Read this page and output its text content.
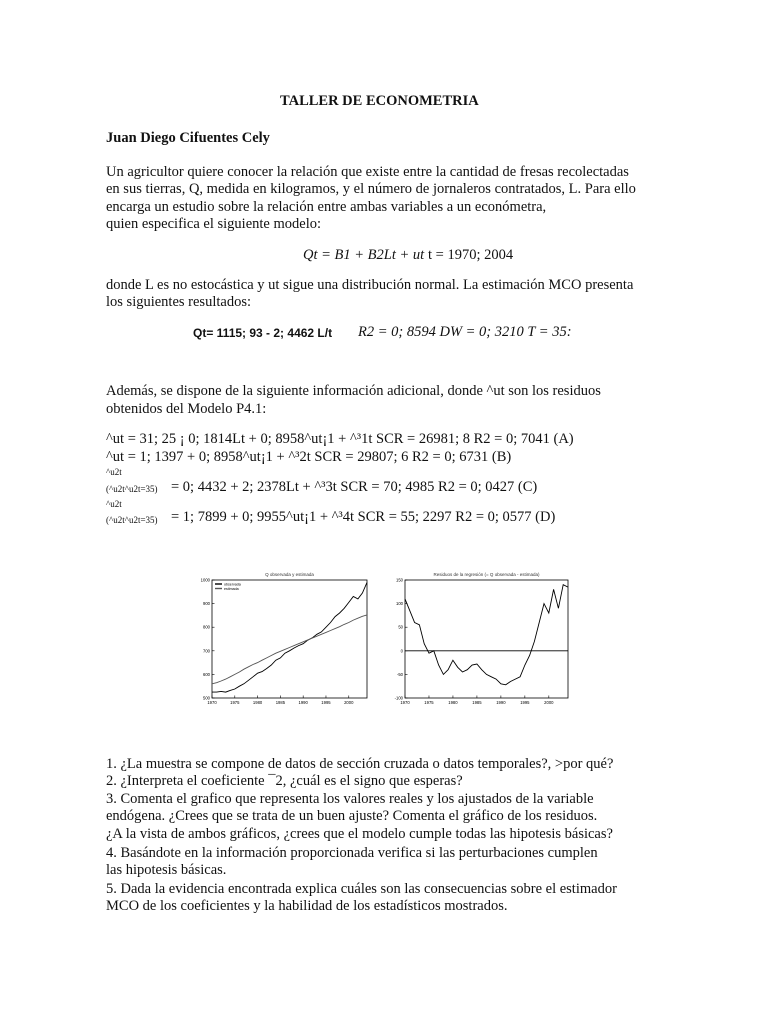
TALLER DE ECONOMETRIA
Juan Diego Cifuentes Cely
Un agricultor quiere conocer la relación que existe entre la cantidad de fresas recolectadas
en sus tierras, Q, medida en kilogramos, y el número de jornaleros contratados, L. Para ello
encarga un estudio sobre la relación entre ambas variables a un económetra,
quien especifica el siguiente modelo:
Qt = B1 + B2Lt + ut t = 1970; 2004
donde L es no estocástica y ut sigue una distribución normal. La estimación MCO presenta
los siguientes resultados:
Qt= 1115; 93 - 2; 4462 L/t R2 = 0; 8594 DW = 0; 3210 T = 35:
Además, se dispone de la siguiente información adicional, donde ^ut son los residuos
obtenidos del Modelo P4.1:
^ut = 31; 25 ¡ 0; 1814Lt + 0; 8958^ut¡1 + ^³1t SCR = 26981; 8 R2 = 0; 7041 (A)
^ut = 1; 1397 + 0; 8958^ut¡1 + ^³2t SCR = 29807; 6 R2 = 0; 6731 (B)
^u2t
(^u2t^u2t=35) = 0; 4432 + 2; 2378Lt + ^³3t SCR = 70; 4985 R2 = 0; 0427 (C)
^u2t
(^u2t^u2t=35) = 1; 7899 + 0; 9955^ut¡1 + ^³4t SCR = 55; 2297 R2 = 0; 0577 (D)
Q observada y estimada
1000
900
800
700
600
500
1970	1975	1980	1985	1990	1995	2000
observada
estimada
Residuos de la regresión (= Q observada - estimada)
150
100
50
0
-50
-100
1970	1975	1980	1985	1990	1995	2000
1. ¿La muestra se compone de datos de sección cruzada o datos temporales?, >por qué?
2. ¿Interpreta el coeficiente ¯2, ¿cuál es el signo que esperas?
3. Comenta el grafico que representa los valores reales y los ajustados de la variable
endógena. ¿Crees que se trata de un buen ajuste? Comenta el gráfico de los residuos.
¿A la vista de ambos gráficos, ¿crees que el modelo cumple todas las hipotesis básicas?
4. Basándote en la información proporcionada verifica si las perturbaciones cumplen
las hipotesis básicas.
5. Dada la evidencia encontrada explica cuáles son las consecuencias sobre el estimador
MCO de los coeficientes y la habilidad de los estadísticos mostrados.
